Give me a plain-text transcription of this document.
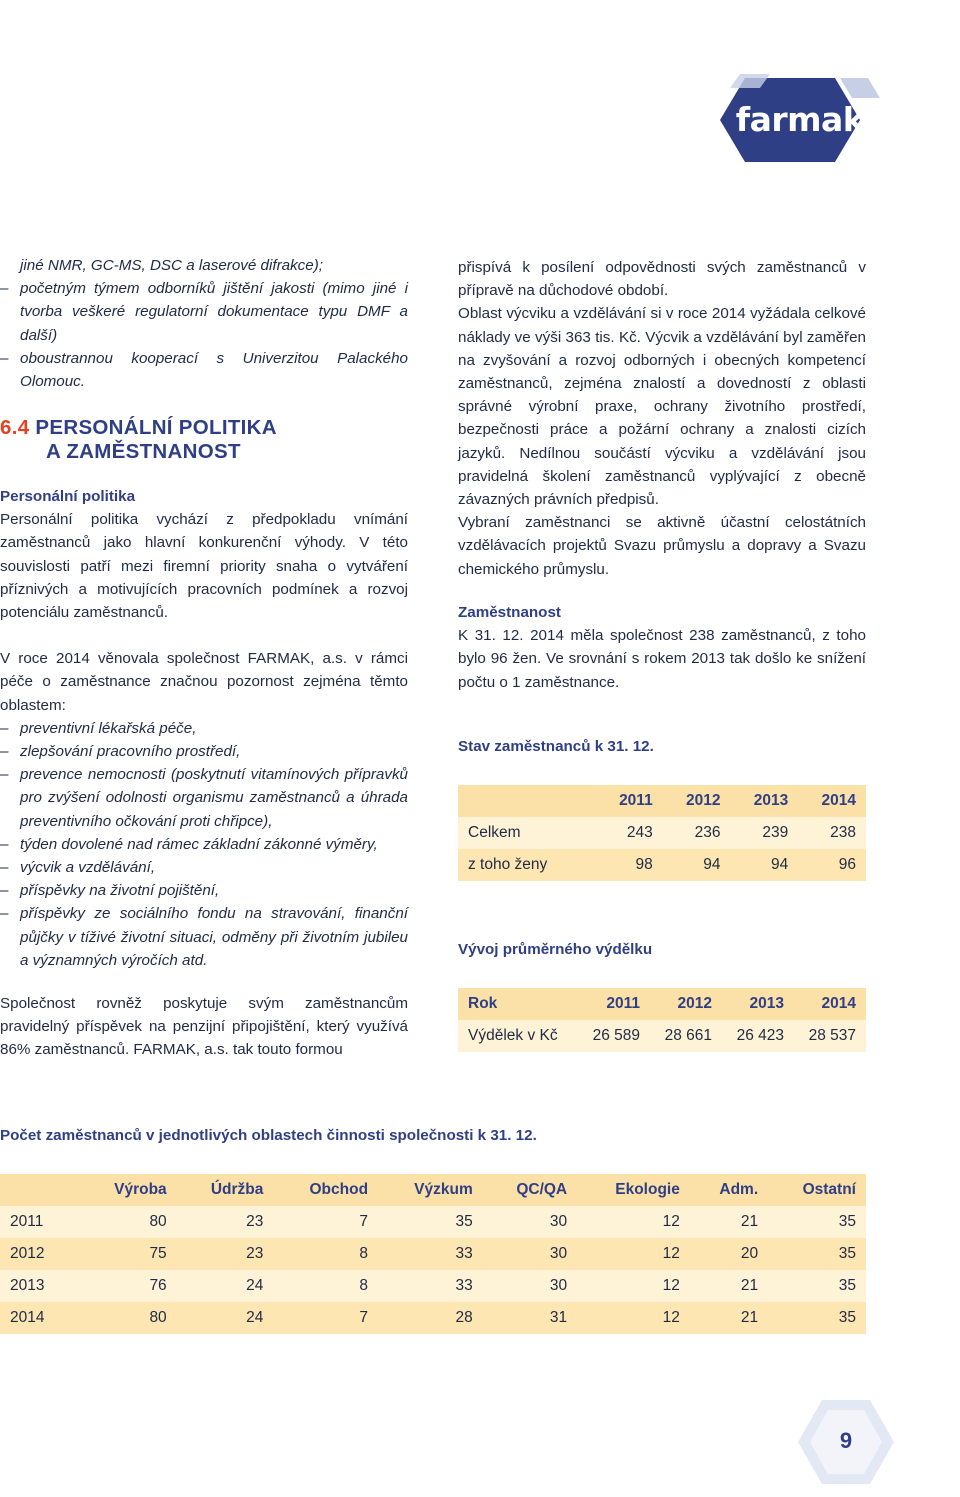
farmak

jiné NMR, GC-MS, DSC a laserové difrakce);

– početným týmem odborníků jištění jakosti (mimo jiné i tvorba veškeré regulatorní dokumentace typu DMF a další)

– oboustrannou kooperací s Univerzitou Palackého Olomouc.

6.4 PERSONÁLNÍ POLITIKA
A ZAMĚSTNANOST

Personální politika

Personální politika vychází z předpokladu vnímání zaměstnanců jako hlavní konkurenční výhody. V této souvislosti patří mezi firemní priority snaha o vytváření příznivých a motivujících pracovních podmínek a rozvoj potenciálu zaměstnanců.

V roce 2014 věnovala společnost FARMAK, a.s. v rámci péče o zaměstnance značnou pozornost zejména těmto oblastem:

– preventivní lékařská péče,

– zlepšování pracovního prostředí,

– prevence nemocnosti (poskytnutí vitamínových přípravků pro zvýšení odolnosti organismu zaměstnanců a úhrada preventivního očkování proti chřipce),

– týden dovolené nad rámec základní zákonné výměry,

– výcvik a vzdělávání,

– příspěvky na životní pojištění,

– příspěvky ze sociálního fondu na stravování, finanční půjčky v tíživé životní situaci, odměny při životním jubileu a významných výročích atd.

Společnost rovněž poskytuje svým zaměstnancům pravidelný příspěvek na penzijní připojištění, který využívá 86% zaměstnanců. FARMAK, a.s. tak touto formou

přispívá k posílení odpovědnosti svých zaměstnanců v přípravě na důchodové období.

Oblast výcviku a vzdělávání si v roce 2014 vyžádala celkové náklady ve výši 363 tis. Kč. Výcvik a vzdělávání byl zaměřen na zvyšování a rozvoj odborných i obecných kompetencí zaměstnanců, zejména znalostí a dovedností z oblasti správné výrobní praxe, ochrany životního prostředí, bezpečnosti práce a požární ochrany a znalosti cizích jazyků. Nedílnou součástí výcviku a vzdělávání jsou pravidelná školení zaměstnanců vyplývající z obecně závazných právních předpisů.

Vybraní zaměstnanci se aktivně účastní celostátních vzdělávacích projektů Svazu průmyslu a dopravy a Svazu chemického průmyslu.

Zaměstnanost

K 31. 12. 2014 měla společnost 238 zaměstnanců, z toho bylo 96 žen. Ve srovnání s rokem 2013 tak došlo ke snížení počtu o 1 zaměstnance.

Stav zaměstnanců k 31. 12.
	2011	2012	2013	2014
Celkem	243	236	239	238
z toho ženy	98	94	94	96
Vývoj průměrného výdělku
Rok	2011	2012	2013	2014
Výdělek v Kč	26 589	28 661	26 423	28 537
Počet zaměstnanců v jednotlivých oblastech činnosti společnosti k 31. 12.
	Výroba	Údržba	Obchod	Výzkum	QC/QA	Ekologie	Adm.	Ostatní
2011	80	23	7	35	30	12	21	35
2012	75	23	8	33	30	12	20	35
2013	76	24	8	33	30	12	21	35
2014	80	24	7	28	31	12	21	35
9
